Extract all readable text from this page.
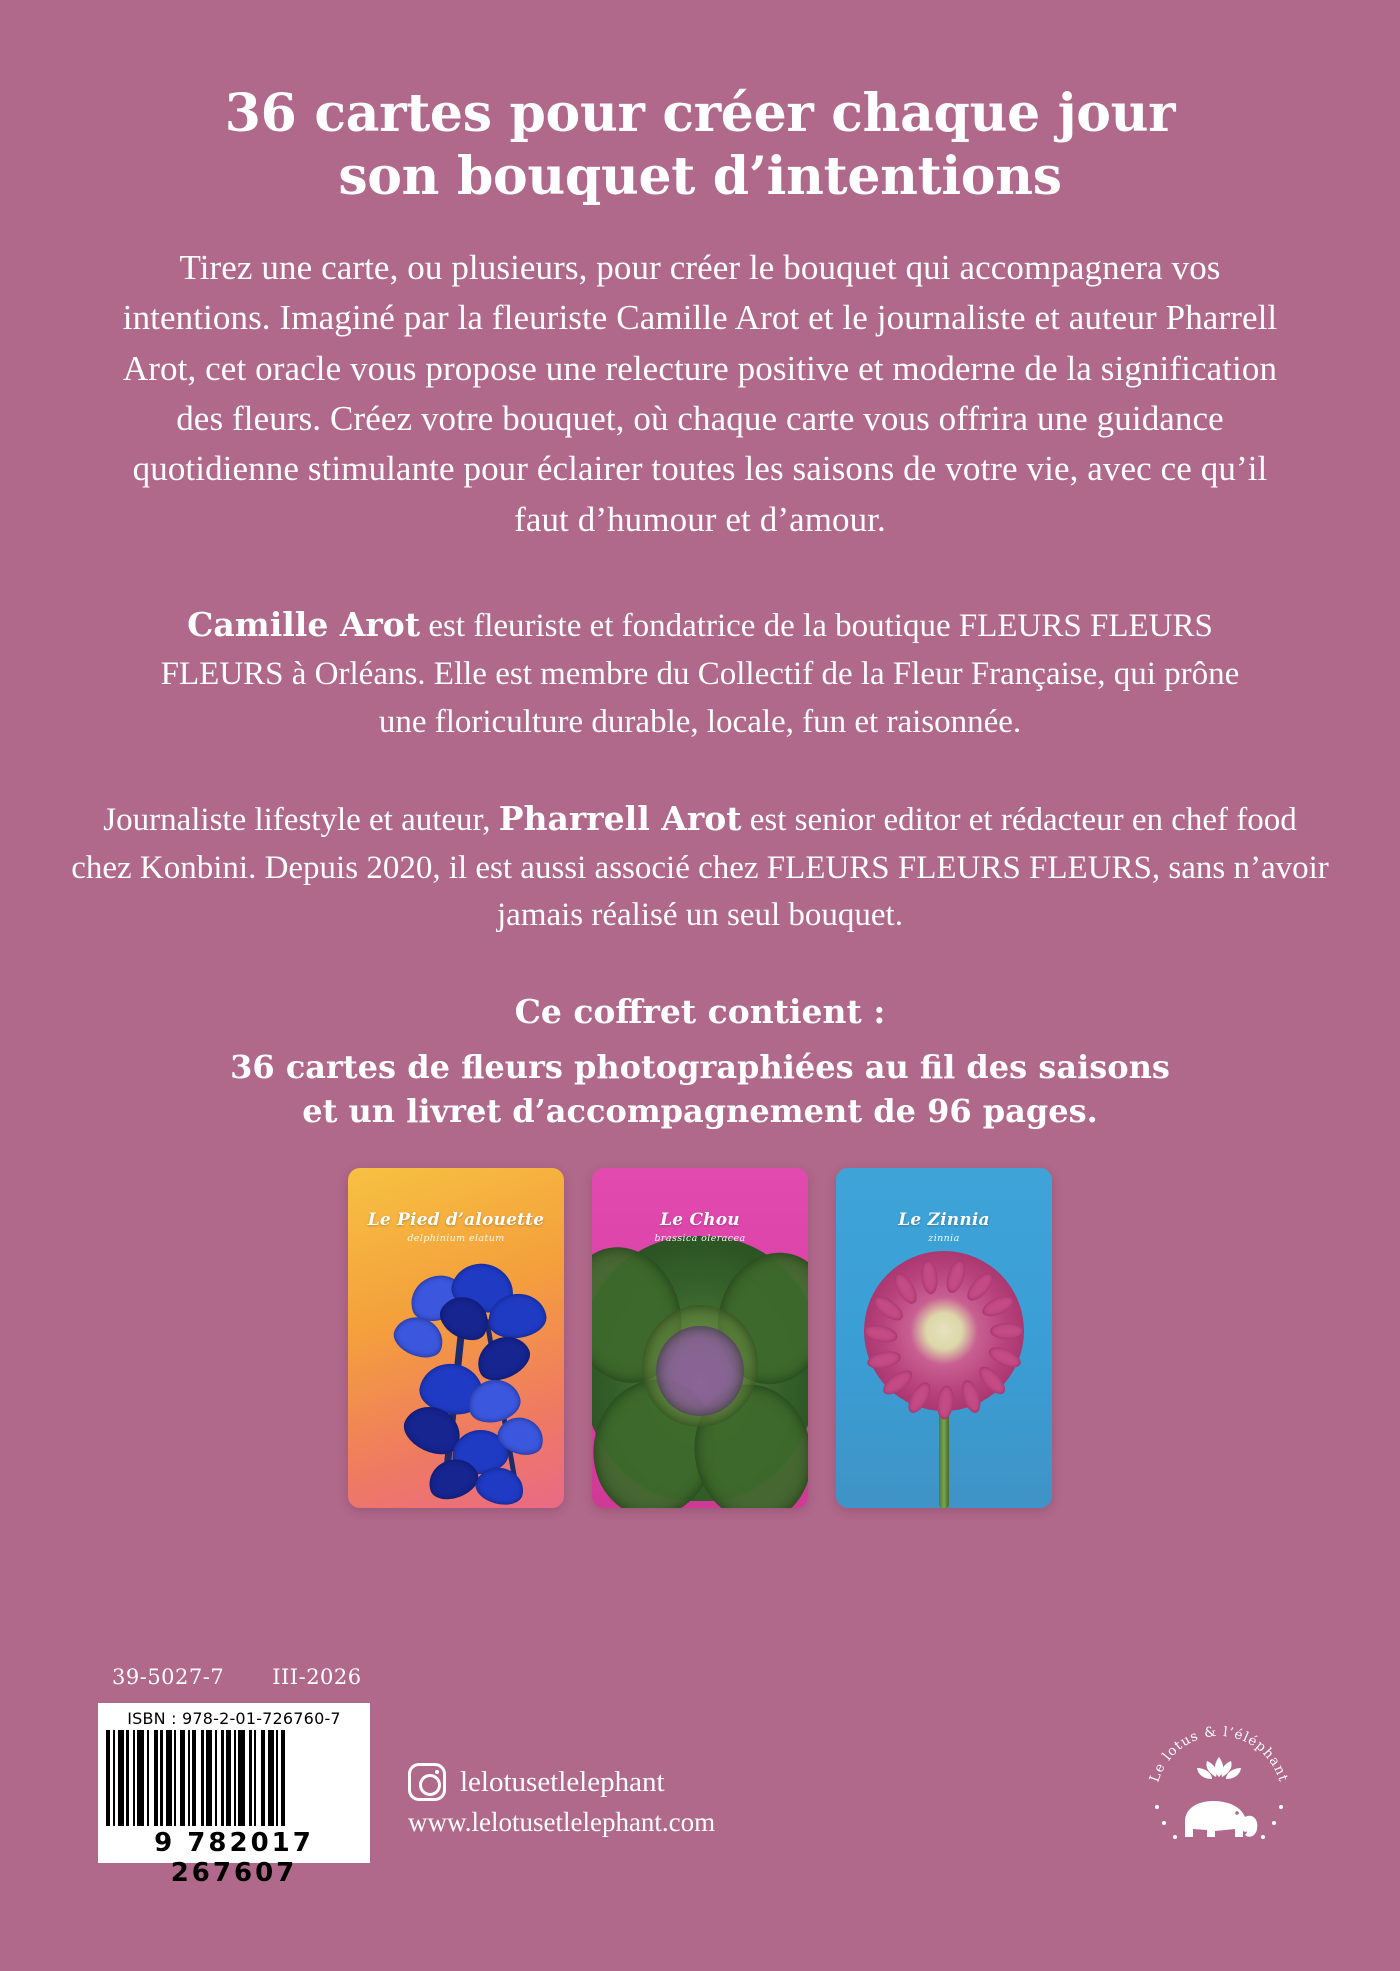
36 cartes pour créer chaque jour
son bouquet d’intentions

Tirez une carte, ou plusieurs, pour créer le bouquet qui accompagnera vos intentions. Imaginé par la fleuriste Camille Arot et le journaliste et auteur Pharrell Arot, cet oracle vous propose une relecture positive et moderne de la signification des fleurs. Créez votre bouquet, où chaque carte vous offrira une guidance quotidienne stimulante pour éclairer toutes les saisons de votre vie, avec ce qu’il faut d’humour et d’amour.

Camille Arot est fleuriste et fondatrice de la boutique FLEURS FLEURS FLEURS à Orléans. Elle est membre du Collectif de la Fleur Française, qui prône une floriculture durable, locale, fun et raisonnée.

Journaliste lifestyle et auteur, Pharrell Arot est senior editor et rédacteur en chef food chez Konbini. Depuis 2020, il est aussi associé chez FLEURS FLEURS FLEURS, sans n’avoir jamais réalisé un seul bouquet.

Ce coffret contient :
36 cartes de fleurs photographiées au fil des saisons
et un livret d’accompagnement de 96 pages.
Le Pied d’alouette
delphinium elatum
Le Chou
brassica oleracea
Le Zinnia
zinnia
39-5027-7 III-2026
ISBN : 978-2-01-726760-7
9 782017 267607
lelotusetlelephant
www.lelotusetlelephant.com
Le lotus & l’éléphant
